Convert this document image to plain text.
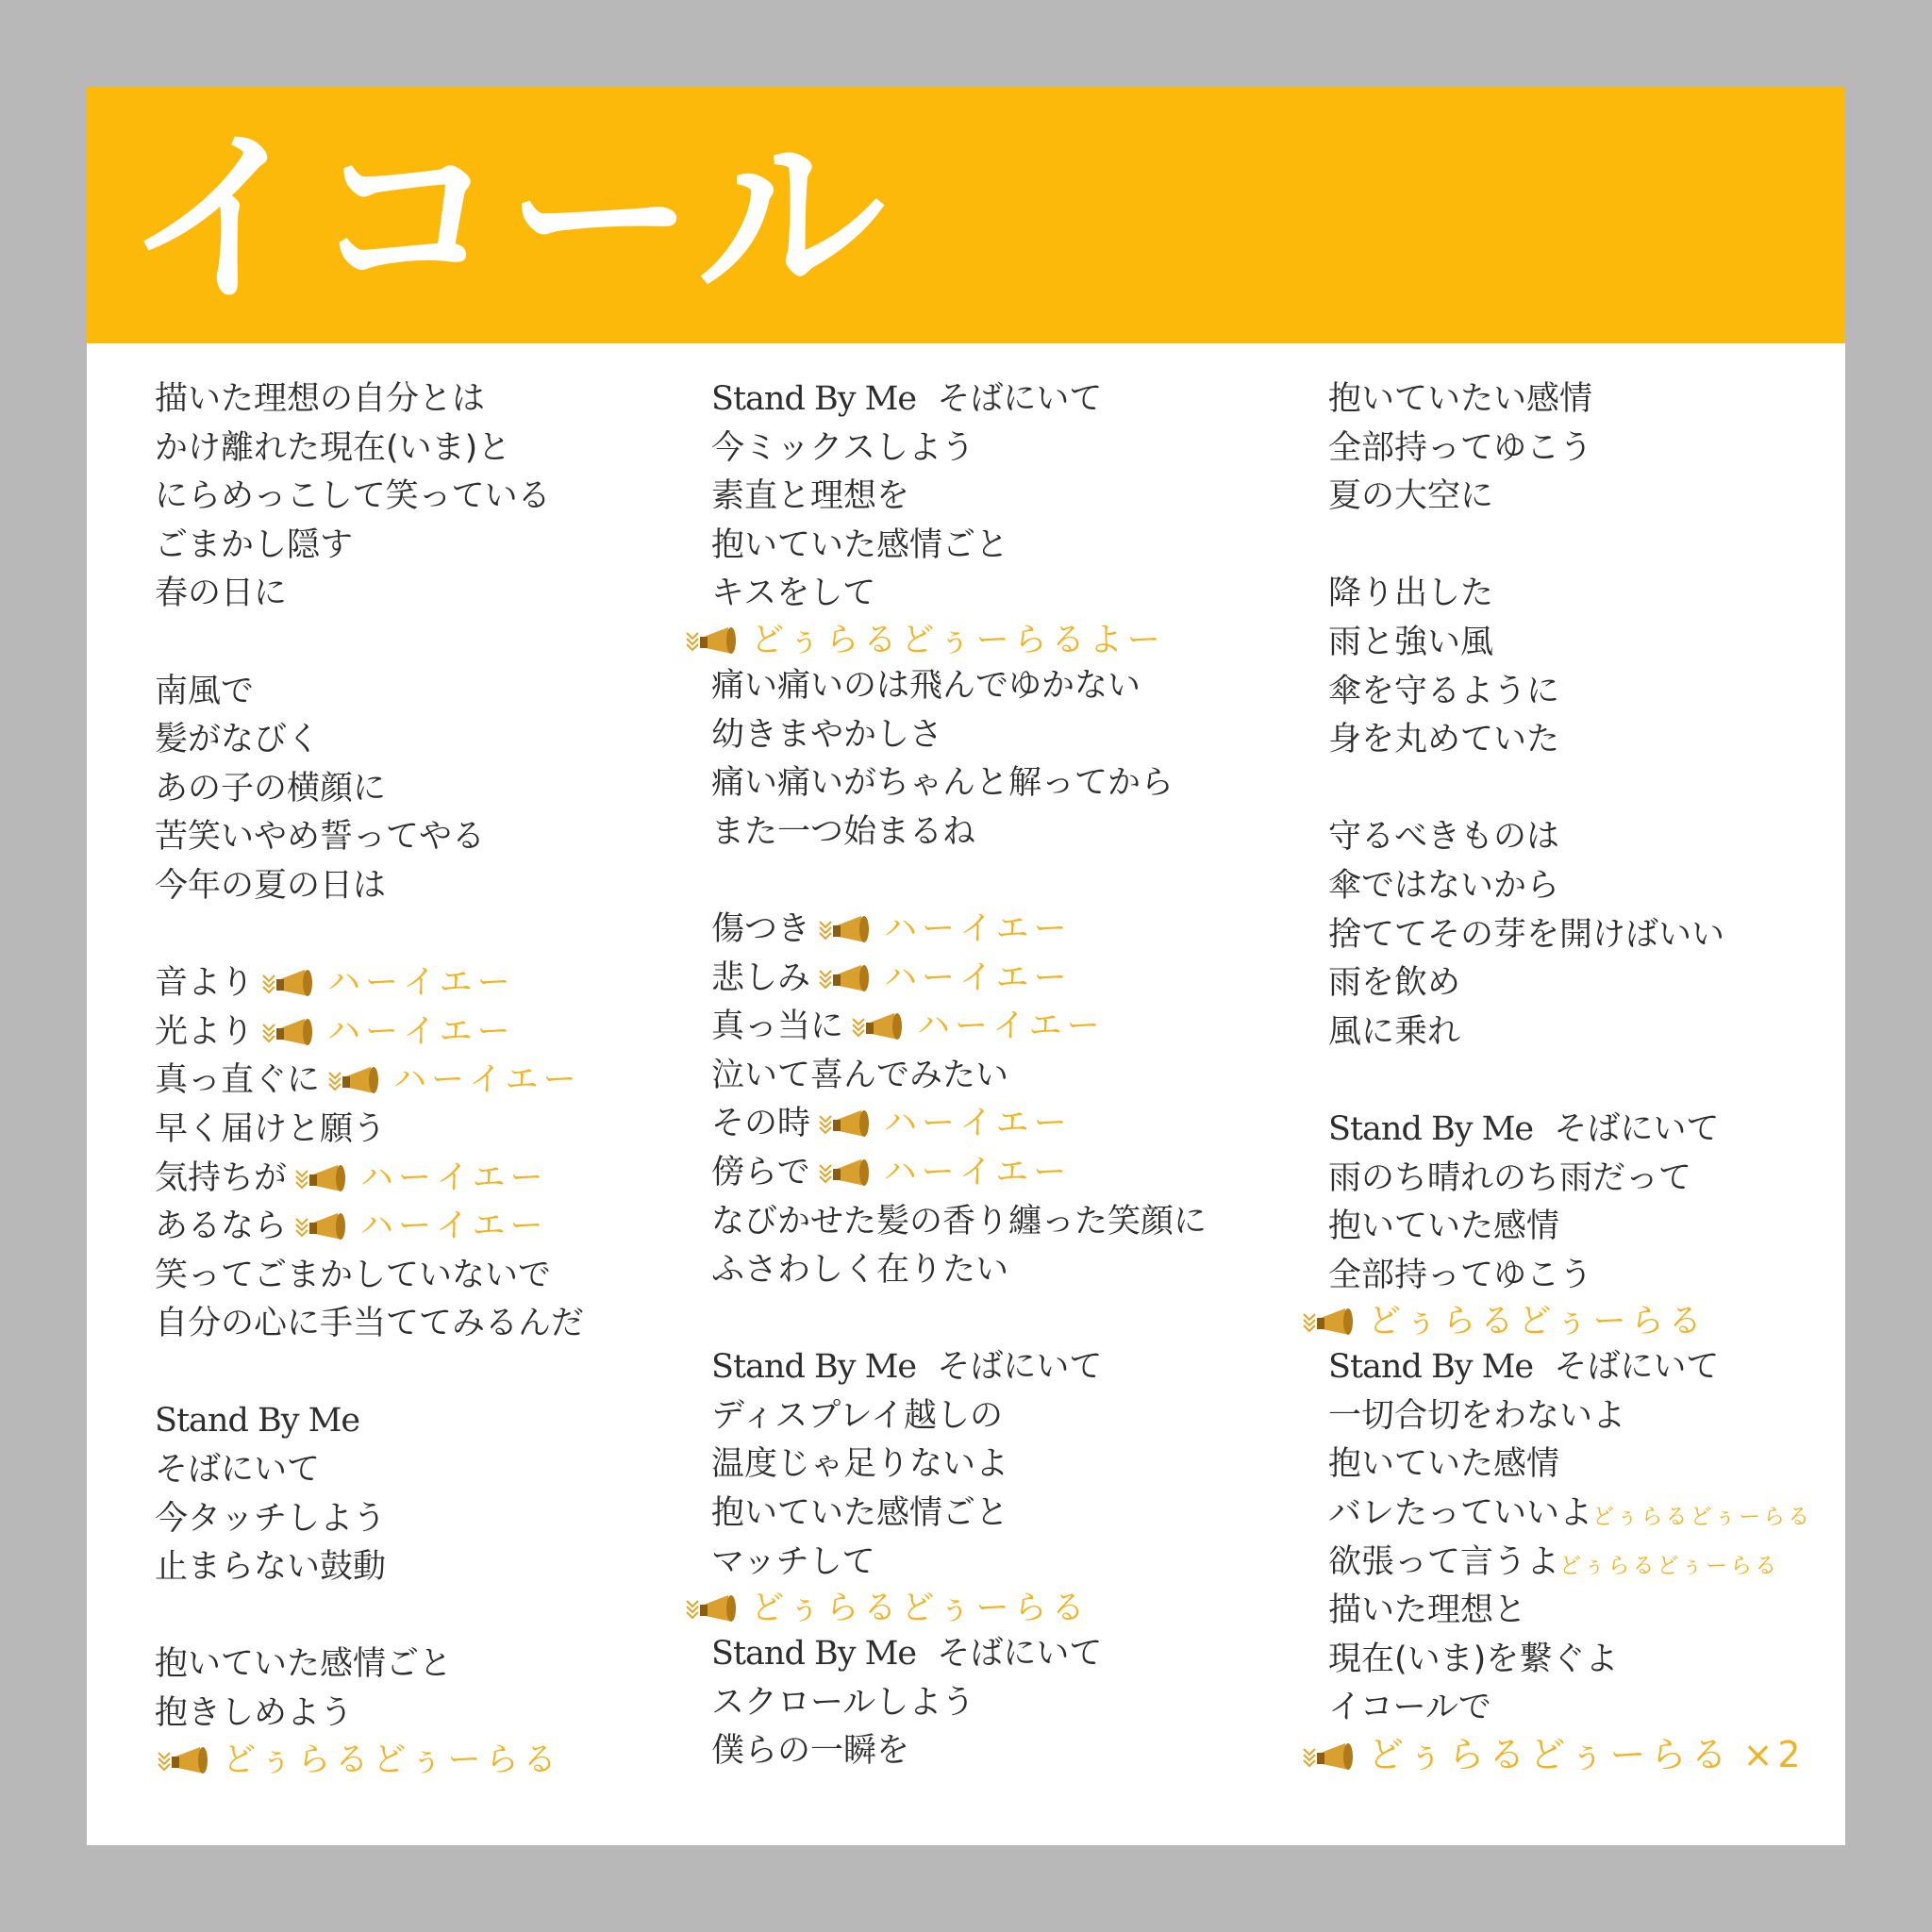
イコール
描いた理想の自分とは
かけ離れた現在(いま)と
にらめっこして笑っている
ごまかし隠す
春の日に
南風で
髪がなびく
あの子の横顔に
苦笑いやめ誓ってやる
今年の夏の日は
音より ハーイエー
光より ハーイエー
真っ直ぐに ハーイエー
早く届けと願う
気持ちが ハーイエー
あるなら ハーイエー
笑ってごまかしていないで
自分の心に手当ててみるんだ
Stand By Me
そばにいて
今タッチしよう
止まらない鼓動
抱いていた感情ごと
抱きしめよう
どぅらるどぅーらる
Stand By Me そばにいて
今ミックスしよう
素直と理想を
抱いていた感情ごと
キスをして
どぅらるどぅーらるよー
痛い痛いのは飛んでゆかない
幼きまやかしさ
痛い痛いがちゃんと解ってから
また一つ始まるね
傷つき ハーイエー
悲しみ ハーイエー
真っ当に ハーイエー
泣いて喜んでみたい
その時 ハーイエー
傍らで ハーイエー
なびかせた髪の香り纏った笑顔に
ふさわしく在りたい
Stand By Me そばにいて
ディスプレイ越しの
温度じゃ足りないよ
抱いていた感情ごと
マッチして
どぅらるどぅーらる
Stand By Me そばにいて
スクロールしよう
僕らの一瞬を
抱いていたい感情
全部持ってゆこう
夏の大空に
降り出した
雨と強い風
傘を守るように
身を丸めていた
守るべきものは
傘ではないから
捨ててその芽を開けばいい
雨を飲め
風に乗れ
Stand By Me そばにいて
雨のち晴れのち雨だって
抱いていた感情
全部持ってゆこう
どぅらるどぅーらる
Stand By Me そばにいて
一切合切をわないよ
抱いていた感情
バレたっていいよどぅらるどぅーらる
欲張って言うよどぅらるどぅーらる
描いた理想と
現在(いま)を繋ぐよ
イコールで
どぅらるどぅーらる ×2
